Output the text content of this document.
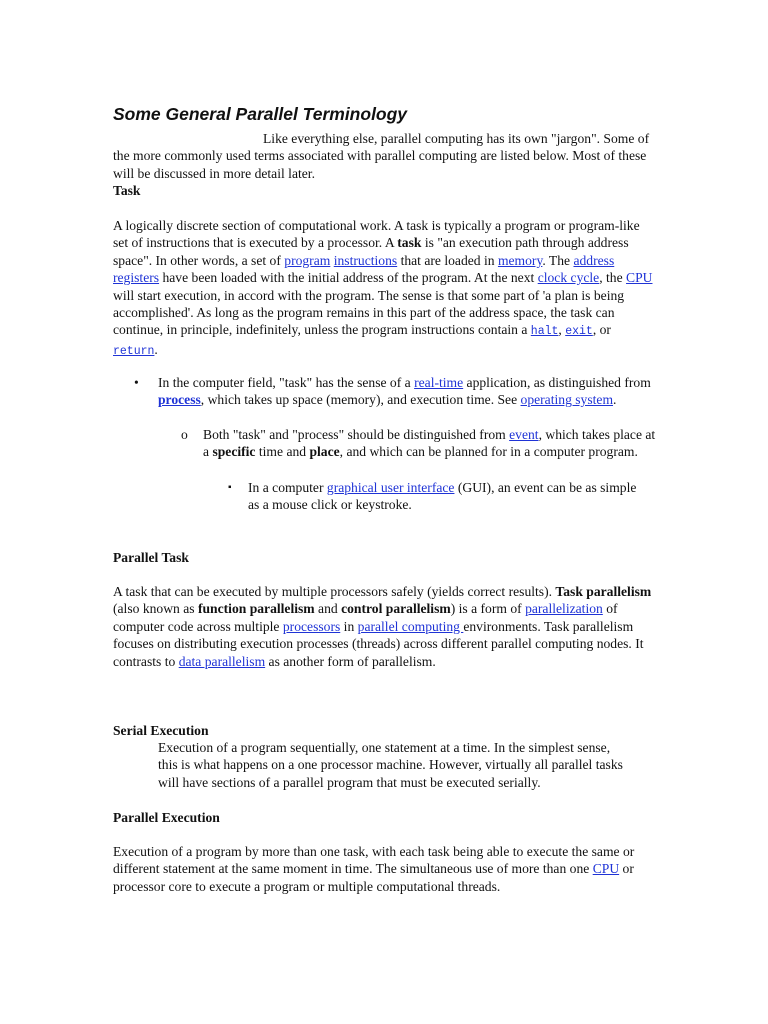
Some General Parallel Terminology
Like everything else, parallel computing has its own "jargon". Some of the more commonly used terms associated with parallel computing are listed below. Most of these will be discussed in more detail later.
Task
A logically discrete section of computational work. A task is typically a program or program-like set of instructions that is executed by a processor. A task is "an execution path through address space". In other words, a set of program instructions that are loaded in memory. The address registers have been loaded with the initial address of the program. At the next clock cycle, the CPU will start execution, in accord with the program. The sense is that some part of 'a plan is being accomplished'. As long as the program remains in this part of the address space, the task can continue, in principle, indefinitely, unless the program instructions contain a halt, exit, or return.
• In the computer field, "task" has the sense of a real-time application, as distinguished from process, which takes up space (memory), and execution time. See operating system.
o Both "task" and "process" should be distinguished from event, which takes place at a specific time and place, and which can be planned for in a computer program.
▪ In a computer graphical user interface (GUI), an event can be as simple as a mouse click or keystroke.
Parallel Task
A task that can be executed by multiple processors safely (yields correct results). Task parallelism (also known as function parallelism and control parallelism) is a form of parallelization of computer code across multiple processors in parallel computing environments. Task parallelism focuses on distributing execution processes (threads) across different parallel computing nodes. It contrasts to data parallelism as another form of parallelism.
Serial Execution
Execution of a program sequentially, one statement at a time. In the simplest sense, this is what happens on a one processor machine. However, virtually all parallel tasks will have sections of a parallel program that must be executed serially.
Parallel Execution
Execution of a program by more than one task, with each task being able to execute the same or different statement at the same moment in time. The simultaneous use of more than one CPU or processor core to execute a program or multiple computational threads.
